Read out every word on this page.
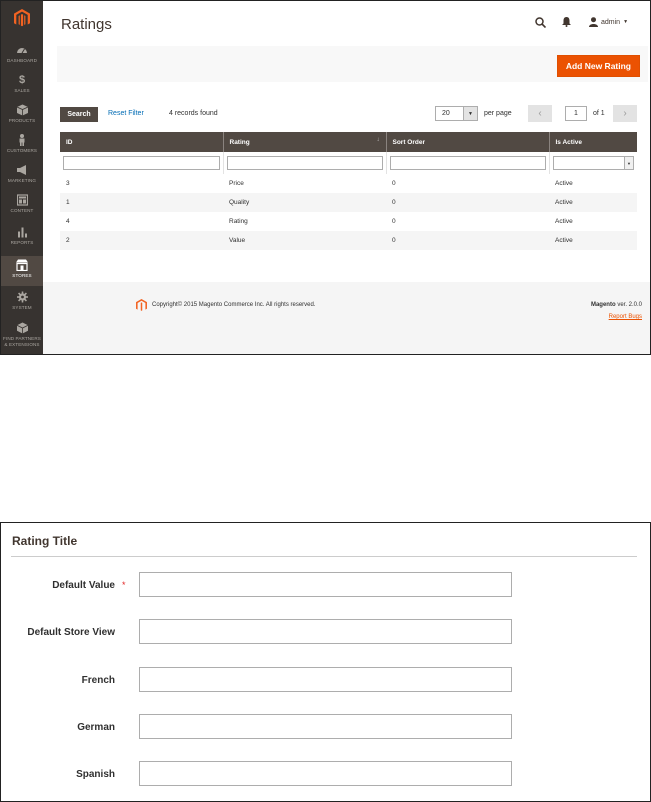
DASHBOARD
$
SALES
PRODUCTS
CUSTOMERS
MARKETING
CONTENT
REPORTS
STORES
SYSTEM
FIND PARTNERS & EXTENSIONS
Ratings	admin ▼
Add New Rating
Search	Reset Filter	4 records found	20	▼	per page	‹	1	of 1 ›
ID	Rating ↓	Sort Order	Is Active

▼

3	Price	0	Active
1	Quality	0	Active
4	Rating	0	Active
2	Value	0	Active
Copyright© 2015 Magento Commerce Inc. All rights reserved.	Magento ver. 2.0.0
Report Bugs
Rating Title
Default Value *
Default Store View
French
German
Spanish
